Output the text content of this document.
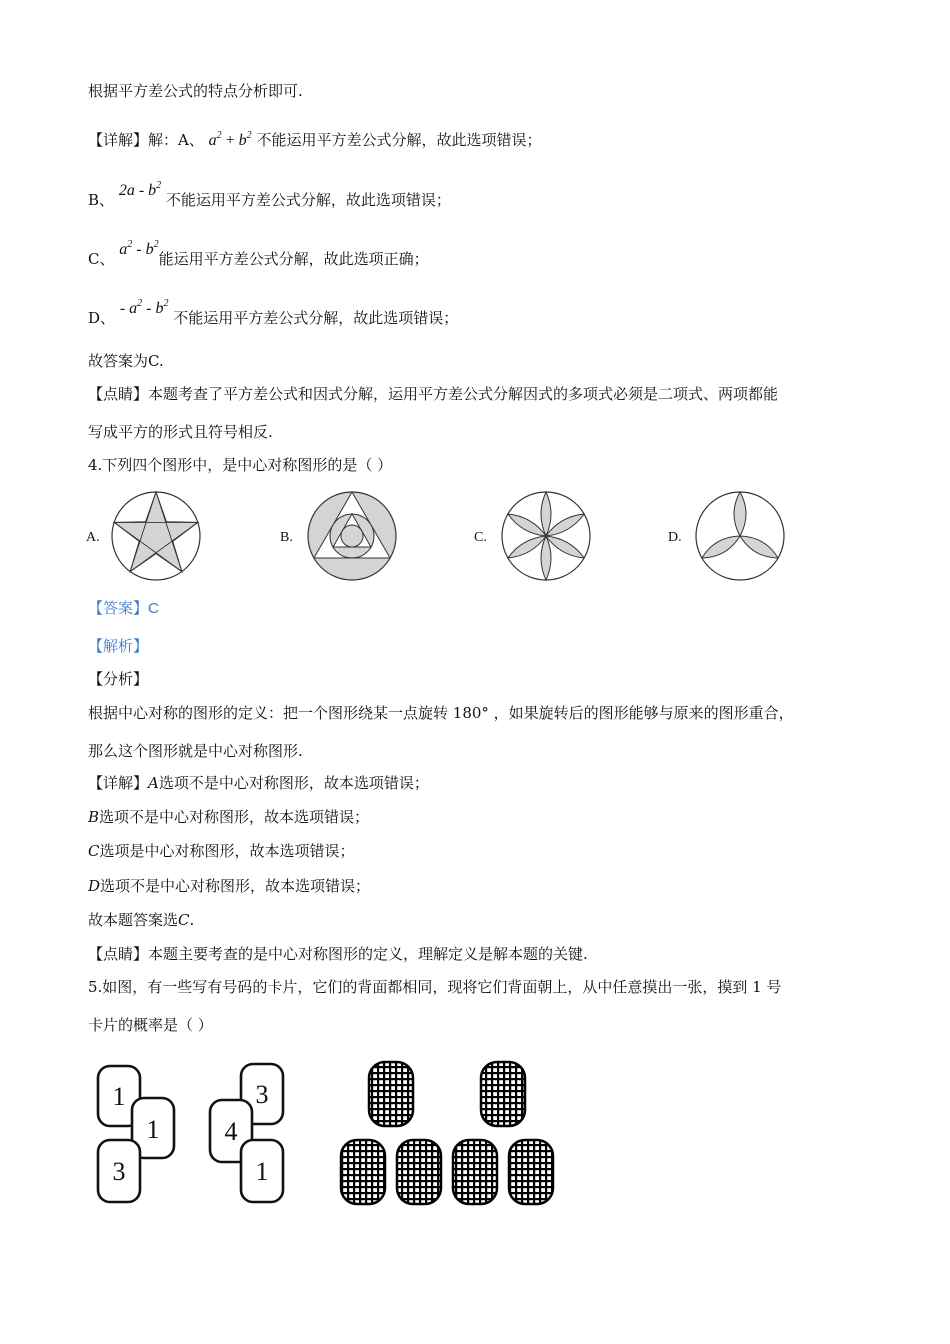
根据平方差公式的特点分析即可.
【详解】解：A、 $a^2 + b^2$ 不能运用平方差公式分解，故此选项错误；
B、 $2a - b^2$ 不能运用平方差公式分解，故此选项错误；
C、 $a^2 - b^2$能运用平方差公式分解，故此选项正确；
D、 - $a^2 - b^2$ 不能运用平方差公式分解，故此选项错误；
故答案为C.
【点睛】本题考查了平方差公式和因式分解，运用平方差公式分解因式的多项式必须是二项式、两项都能
写成平方的形式且符号相反.
4.下列四个图形中，是中心对称图形的是（ ）
A.	B.	C.	D.
【答案】C
【解析】
【分析】
根据中心对称的图形的定义：把一个图形绕某一点旋转 180° ，如果旋转后的图形能够与原来的图形重合，
那么这个图形就是中心对称图形.
【详解】A选项不是中心对称图形，故本选项错误；
B选项不是中心对称图形，故本选项错误；
C选项是中心对称图形，故本选项错误；
D选项不是中心对称图形，故本选项错误；
故本题答案选C.
【点睛】本题主要考查的是中心对称图形的定义，理解定义是解本题的关键.
5.如图，有一些写有号码的卡片，它们的背面都相同，现将它们背面朝上，从中任意摸出一张，摸到 1 号
卡片的概率是（ ）
1
1
3
3
4
1
